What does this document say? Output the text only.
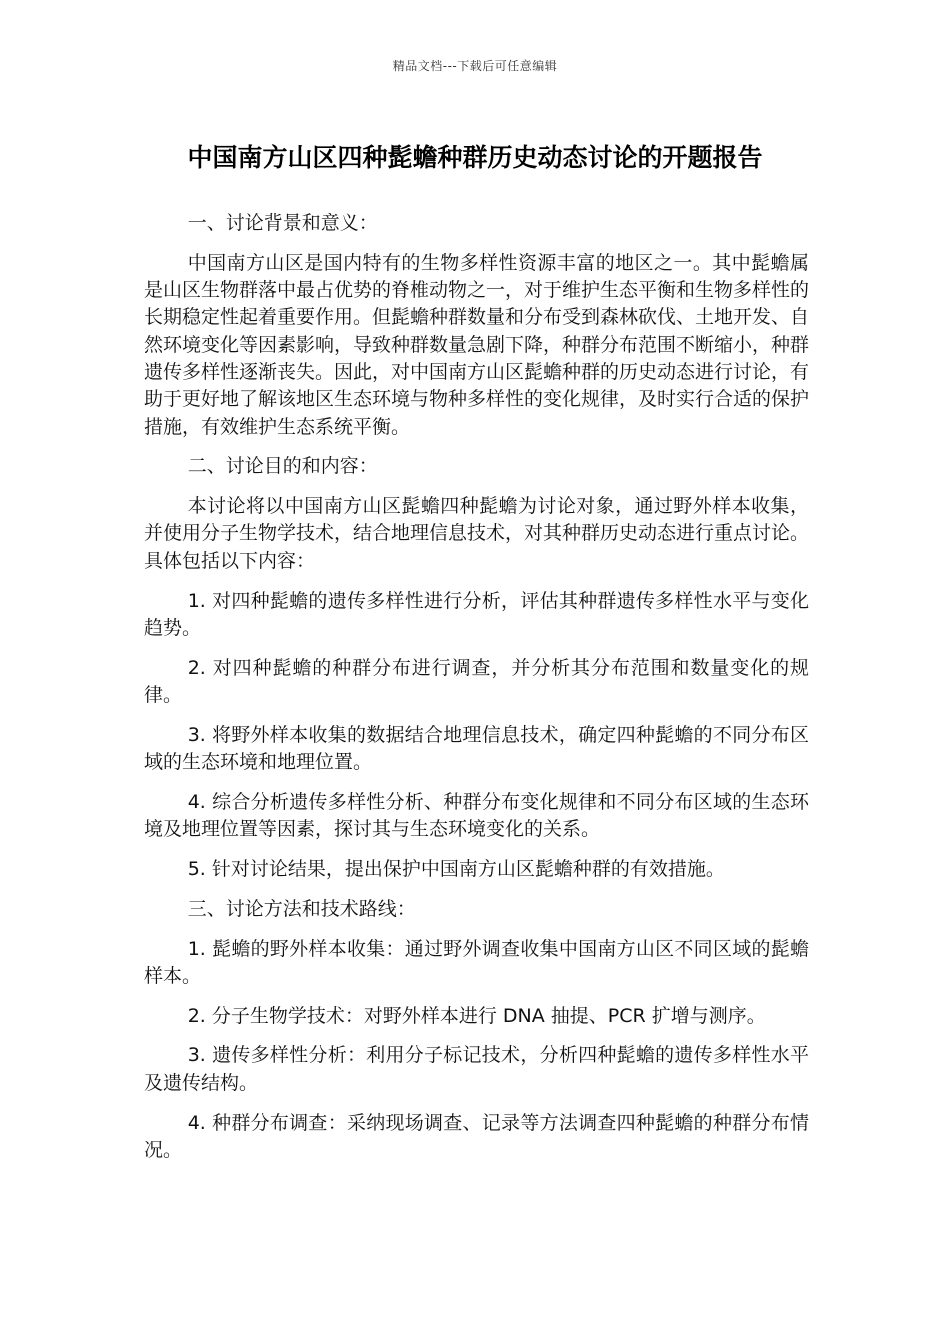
精品文档---下载后可任意编辑
中国南方山区四种髭蟾种群历史动态讨论的开题报告

一、讨论背景和意义：

中国南方山区是国内特有的生物多样性资源丰富的地区之一。其中髭蟾属是山区生物群落中最占优势的脊椎动物之一，对于维护生态平衡和生物多样性的长期稳定性起着重要作用。但髭蟾种群数量和分布受到森林砍伐、土地开发、自然环境变化等因素影响，导致种群数量急剧下降，种群分布范围不断缩小，种群遗传多样性逐渐丧失。因此，对中国南方山区髭蟾种群的历史动态进行讨论，有助于更好地了解该地区生态环境与物种多样性的变化规律，及时实行合适的保护措施，有效维护生态系统平衡。

二、讨论目的和内容：

本讨论将以中国南方山区髭蟾四种髭蟾为讨论对象，通过野外样本收集，并使用分子生物学技术，结合地理信息技术，对其种群历史动态进行重点讨论。具体包括以下内容：

1. 对四种髭蟾的遗传多样性进行分析，评估其种群遗传多样性水平与变化趋势。

2. 对四种髭蟾的种群分布进行调查，并分析其分布范围和数量变化的规律。

3. 将野外样本收集的数据结合地理信息技术，确定四种髭蟾的不同分布区域的生态环境和地理位置。

4. 综合分析遗传多样性分析、种群分布变化规律和不同分布区域的生态环境及地理位置等因素，探讨其与生态环境变化的关系。

5. 针对讨论结果，提出保护中国南方山区髭蟾种群的有效措施。

三、讨论方法和技术路线：

1. 髭蟾的野外样本收集：通过野外调查收集中国南方山区不同区域的髭蟾样本。

2. 分子生物学技术：对野外样本进行 DNA 抽提、PCR 扩增与测序。

3. 遗传多样性分析：利用分子标记技术，分析四种髭蟾的遗传多样性水平及遗传结构。

4. 种群分布调查：采纳现场调查、记录等方法调查四种髭蟾的种群分布情况。
